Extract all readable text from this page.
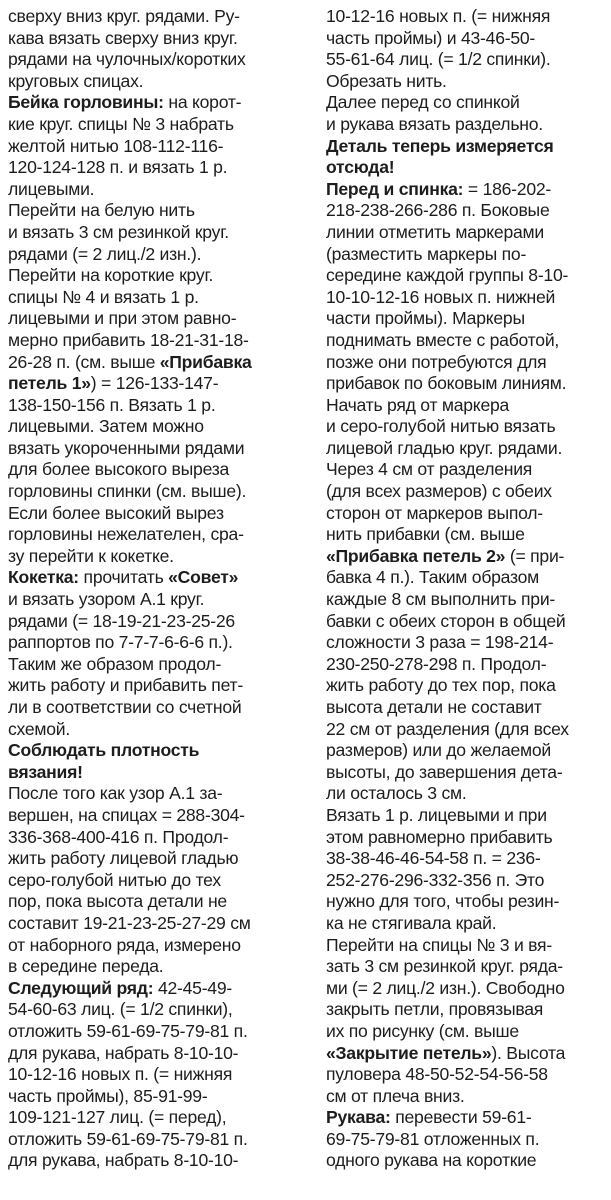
сверху вниз круг. рядами. Ру-
кава вязать сверху вниз круг.
рядами на чулочных/коротких
круговых спицах.
Бейка горловины: на корот-
кие круг. спицы № 3 набрать
желтой нитью 108-112-116-
120-124-128 п. и вязать 1 р.
лицевыми.
Перейти на белую нить
и вязать 3 см резинкой круг.
рядами (= 2 лиц./2 изн.).
Перейти на короткие круг.
спицы № 4 и вязать 1 р.
лицевыми и при этом равно-
мерно прибавить 18-21-31-18-
26-28 п. (см. выше «Прибавка
петель 1») = 126-133-147-
138-150-156 п. Вязать 1 р.
лицевыми. Затем можно
вязать укороченными рядами
для более высокого выреза
горловины спинки (см. выше).
Если более высокий вырез
горловины нежелателен, сра-
зу перейти к кокетке.
Кокетка: прочитать «Совет»
и вязать узором A.1 круг.
рядами (= 18-19-21-23-25-26
раппортов по 7-7-7-6-6-6 п.).
Таким же образом продол-
жить работу и прибавить пет-
ли в соответствии со счетной
схемой.
Соблюдать плотность
вязания!
После того как узор A.1 за-
вершен, на спицах = 288-304-
336-368-400-416 п. Продол-
жить работу лицевой гладью
серо-голубой нитью до тех
пор, пока высота детали не
составит 19-21-23-25-27-29 см
от наборного ряда, измерено
в середине переда.
Следующий ряд: 42-45-49-
54-60-63 лиц. (= 1/2 спинки),
отложить 59-61-69-75-79-81 п.
для рукава, набрать 8-10-10-
10-12-16 новых п. (= нижняя
часть проймы), 85-91-99-
109-121-127 лиц. (= перед),
отложить 59-61-69-75-79-81 п.
для рукава, набрать 8-10-10-
10-12-16 новых п. (= нижняя
часть проймы) и 43-46-50-
55-61-64 лиц. (= 1/2 спинки).
Обрезать нить.
Далее перед со спинкой
и рукава вязать раздельно.
Деталь теперь измеряется
отсюда!
Перед и спинка: = 186-202-
218-238-266-286 п. Боковые
линии отметить маркерами
(разместить маркеры по-
середине каждой группы 8-10-
10-10-12-16 новых п. нижней
части проймы). Маркеры
поднимать вместе с работой,
позже они потребуются для
прибавок по боковым линиям.
Начать ряд от маркера
и серо-голубой нитью вязать
лицевой гладью круг. рядами.
Через 4 см от разделения
(для всех размеров) с обеих
сторон от маркеров выпол-
нить прибавки (см. выше
«Прибавка петель 2» (= при-
бавка 4 п.). Таким образом
каждые 8 см выполнить при-
бавки с обеих сторон в общей
сложности 3 раза = 198-214-
230-250-278-298 п. Продол-
жить работу до тех пор, пока
высота детали не составит
22 см от разделения (для всех
размеров) или до желаемой
высоты, до завершения дета-
ли осталось 3 см.
Вязать 1 р. лицевыми и при
этом равномерно прибавить
38-38-46-46-54-58 п. = 236-
252-276-296-332-356 п. Это
нужно для того, чтобы резин-
ка не стягивала край.
Перейти на спицы № 3 и вя-
зать 3 см резинкой круг. ряда-
ми (= 2 лиц./2 изн.). Свободно
закрыть петли, провязывая
их по рисунку (см. выше
«Закрытие петель»). Высота
пуловера 48-50-52-54-56-58
см от плеча вниз.
Рукава: перевести 59-61-
69-75-79-81 отложенных п.
одного рукава на короткие
